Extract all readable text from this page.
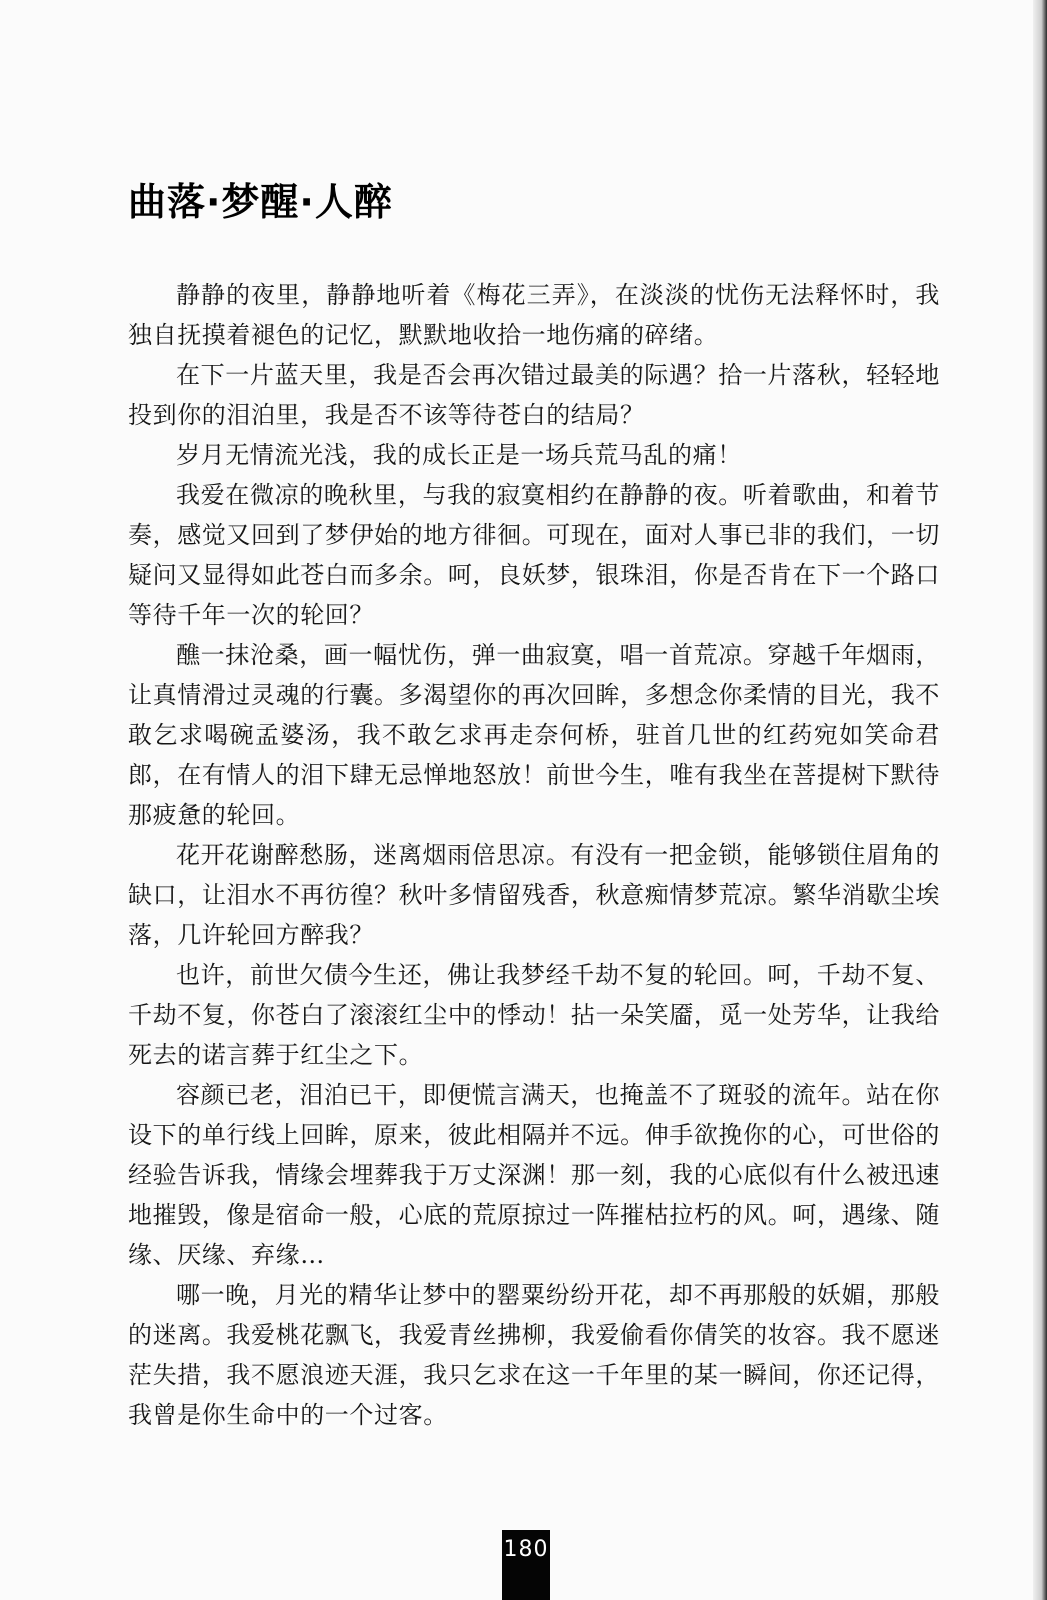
曲落·梦醒·人醉

静静的夜里，静静地听着《梅花三弄》，在淡淡的忧伤无法释怀时，我独自抚摸着褪色的记忆，默默地收拾一地伤痛的碎绪。

在下一片蓝天里，我是否会再次错过最美的际遇？拾一片落秋，轻轻地投到你的泪泊里，我是否不该等待苍白的结局？

岁月无情流光浅，我的成长正是一场兵荒马乱的痛！

我爱在微凉的晚秋里，与我的寂寞相约在静静的夜。听着歌曲，和着节奏，感觉又回到了梦伊始的地方徘徊。可现在，面对人事已非的我们，一切疑问又显得如此苍白而多余。呵，良妖梦，银珠泪，你是否肯在下一个路口等待千年一次的轮回？

醮一抹沧桑，画一幅忧伤，弹一曲寂寞，唱一首荒凉。穿越千年烟雨，让真情滑过灵魂的行囊。多渴望你的再次回眸，多想念你柔情的目光，我不敢乞求喝碗孟婆汤，我不敢乞求再走奈何桥，驻首几世的红药宛如笑命君郎，在有情人的泪下肆无忌惮地怒放！前世今生，唯有我坐在菩提树下默待那疲惫的轮回。

花开花谢醉愁肠，迷离烟雨倍思凉。有没有一把金锁，能够锁住眉角的缺口，让泪水不再彷徨？秋叶多情留残香，秋意痴情梦荒凉。繁华消歇尘埃落，几许轮回方醉我？

也许，前世欠债今生还，佛让我梦经千劫不复的轮回。呵，千劫不复、千劫不复，你苍白了滚滚红尘中的悸动！拈一朵笑靥，觅一处芳华，让我给死去的诺言葬于红尘之下。

容颜已老，泪泊已干，即便慌言满天，也掩盖不了斑驳的流年。站在你设下的单行线上回眸，原来，彼此相隔并不远。伸手欲挽你的心，可世俗的经验告诉我，情缘会埋葬我于万丈深渊！那一刻，我的心底似有什么被迅速地摧毁，像是宿命一般，心底的荒原掠过一阵摧枯拉朽的风。呵，遇缘、随缘、厌缘、弃缘…

哪一晚，月光的精华让梦中的罂粟纷纷开花，却不再那般的妖媚，那般的迷离。我爱桃花飘飞，我爱青丝拂柳，我爱偷看你倩笑的妆容。我不愿迷茫失措，我不愿浪迹天涯，我只乞求在这一千年里的某一瞬间，你还记得，我曾是你生命中的一个过客。

180
